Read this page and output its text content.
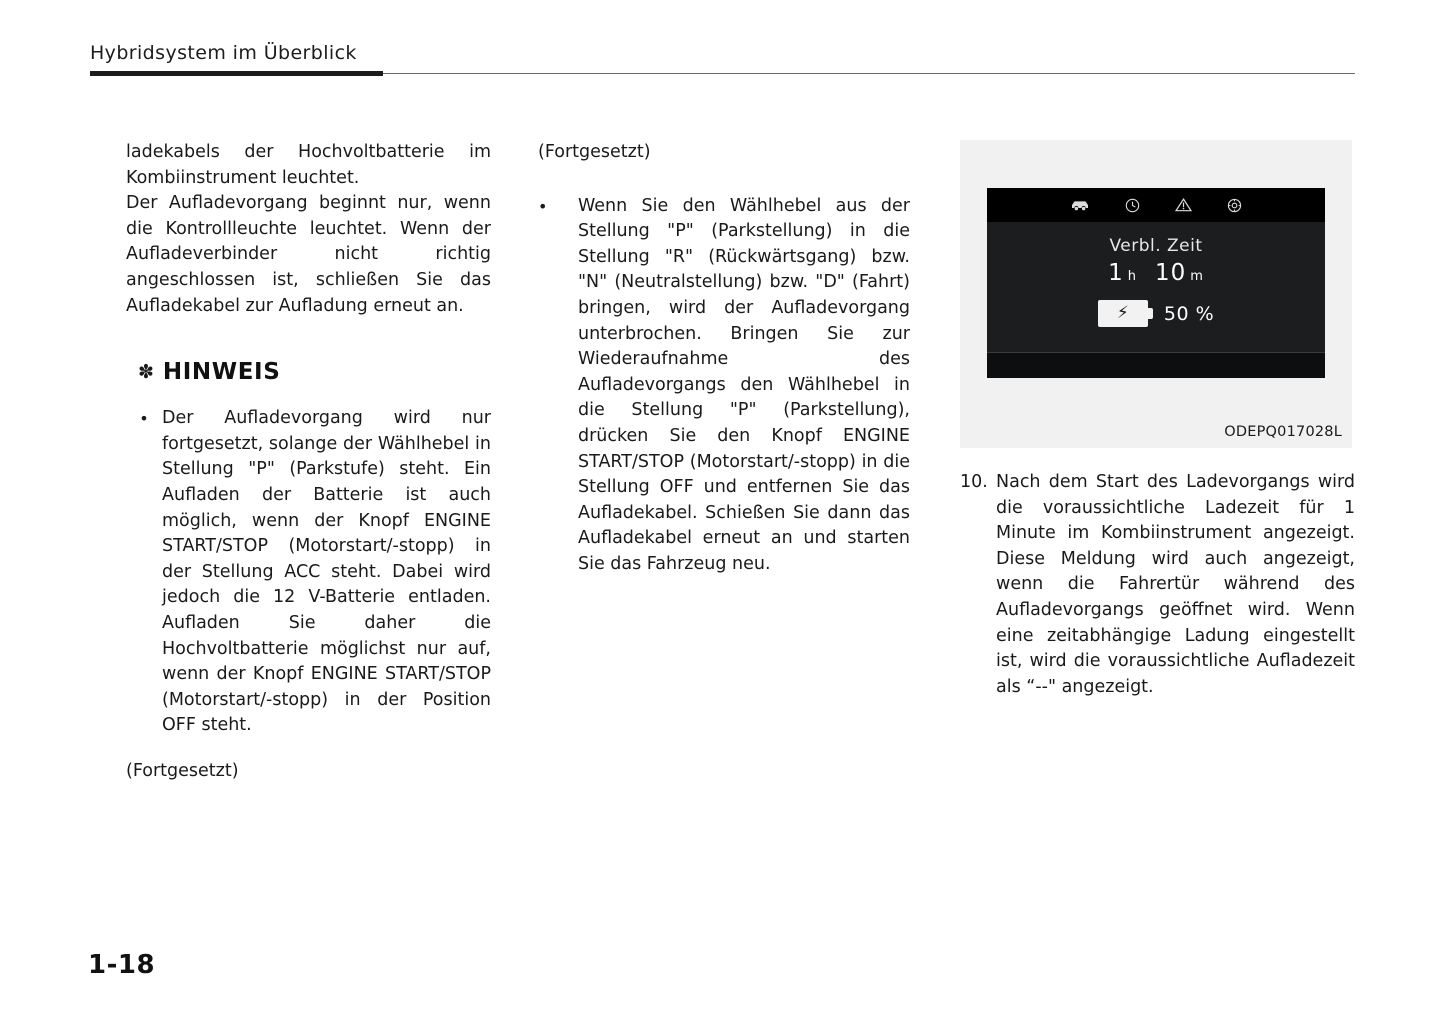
Hybridsystem im Überblick

ladekabels der Hochvoltbatterie im Kombiinstrument leuchtet.

Der Aufladevorgang beginnt nur, wenn die Kontrollleuchte leuchtet. Wenn der Aufladeverbinder nicht richtig angeschlossen ist, schließen Sie das Aufladekabel zur Aufladung erneut an.

✽ HINWEIS
• Der Aufladevorgang wird nur fortgesetzt, solange der Wählhebel in Stellung "P" (Parkstufe) steht. Ein Aufladen der Batterie ist auch möglich, wenn der Knopf ENGINE START/STOP (Motorstart/-stopp) in der Stellung ACC steht. Dabei wird jedoch die 12 V-Batterie entladen. Aufladen Sie daher die Hochvoltbatterie möglichst nur auf, wenn der Knopf ENGINE START/STOP (Motorstart/-stopp) in der Position OFF steht.
(Fortgesetzt)

(Fortgesetzt)

•	Wenn Sie den Wählhebel aus der Stellung "P" (Parkstellung) in die Stellung "R" (Rückwärtsgang) bzw. "N" (Neutralstellung) bzw. "D" (Fahrt) bringen, wird der Aufladevorgang unterbrochen. Bringen Sie zur Wiederaufnahme des Aufladevorgangs den Wählhebel in die Stellung "P" (Parkstellung), drücken Sie den Knopf ENGINE START/STOP (Motorstart/-stopp) in die Stellung OFF und entfernen Sie das Aufladekabel. Schießen Sie dann das Aufladekabel erneut an und starten Sie das Fahrzeug neu.
Verbl. Zeit
1 h 10 m
⚡ 50 %
ODEPQ017028L
10. Nach dem Start des Ladevorgangs wird die voraussichtliche Ladezeit für 1 Minute im Kombiinstrument angezeigt. Diese Meldung wird auch angezeigt, wenn die Fahrertür während des Aufladevorgangs geöffnet wird. Wenn eine zeitabhängige Ladung eingestellt ist, wird die voraussichtliche Aufladezeit als “--" angezeigt.
1-18
